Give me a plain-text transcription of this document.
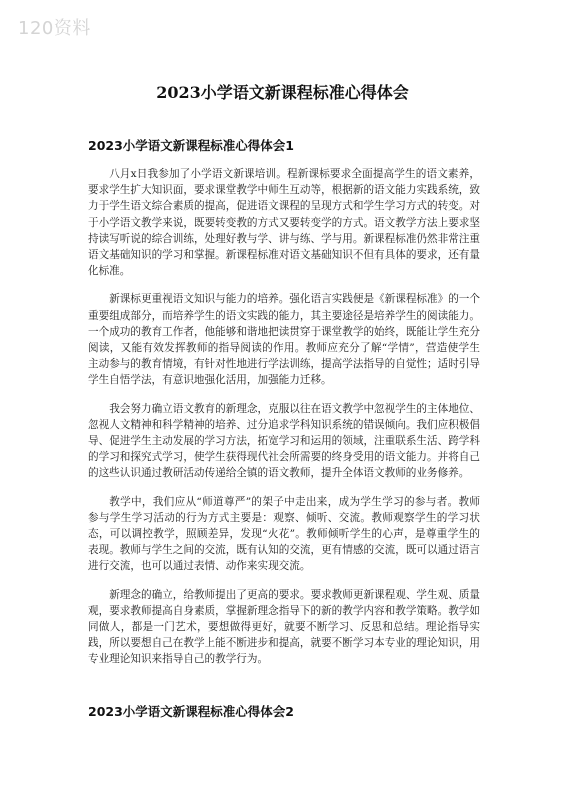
120资料
2023小学语文新课程标准心得体会
2023小学语文新课程标准心得体会1

八月x日我参加了小学语文新课培训。程新课标要求全面提高学生的语文素养，要求学生扩大知识面，要求课堂教学中师生互动等，根据新的语文能力实践系统，致力于学生语文综合素质的提高，促进语文课程的呈现方式和学生学习方式的转变。对于小学语文教学来说，既要转变教的方式又要转变学的方式。语文教学方法上要求坚持读写听说的综合训练，处理好教与学、讲与练、学与用。新课程标准仍然非常注重语文基础知识的学习和掌握。新课程标准对语文基础知识不但有具体的要求，还有量化标准。

新课标更重视语文知识与能力的培养。强化语言实践便是《新课程标准》的一个重要组成部分，而培养学生的语文实践的能力，其主要途径是培养学生的阅读能力。一个成功的教育工作者，他能够和谐地把读贯穿于课堂教学的始终，既能让学生充分阅读，又能有效发挥教师的指导阅读的作用。教师应充分了解“学情”，营造使学生主动参与的教育情境，有针对性地进行学法训练，提高学法指导的自觉性；适时引导学生自悟学法，有意识地强化活用，加强能力迁移。

我会努力确立语文教育的新理念，克服以往在语文教学中忽视学生的主体地位、忽视人文精神和科学精神的培养、过分追求学科知识系统的错误倾向。我们应积极倡导、促进学生主动发展的学习方法，拓宽学习和运用的领域，注重联系生活、跨学科的学习和探究式学习，使学生获得现代社会所需要的终身受用的语文能力。并将自己的这些认识通过教研活动传递给全镇的语文教师，提升全体语文教师的业务修养。

教学中，我们应从“师道尊严”的架子中走出来，成为学生学习的参与者。教师参与学生学习活动的行为方式主要是：观察、倾听、交流。教师观察学生的学习状态，可以调控教学，照顾差异，发现“火花”。教师倾听学生的心声，是尊重学生的表现。教师与学生之间的交流，既有认知的交流，更有情感的交流，既可以通过语言进行交流，也可以通过表情、动作来实现交流。

新理念的确立，给教师提出了更高的要求。要求教师更新课程观、学生观、质量观，要求教师提高自身素质，掌握新理念指导下的新的教学内容和教学策略。教学如同做人，都是一门艺术，要想做得更好，就要不断学习、反思和总结。理论指导实践，所以要想自己在教学上能不断进步和提高，就要不断学习本专业的理论知识，用专业理论知识来指导自己的教学行为。

2023小学语文新课程标准心得体会2
